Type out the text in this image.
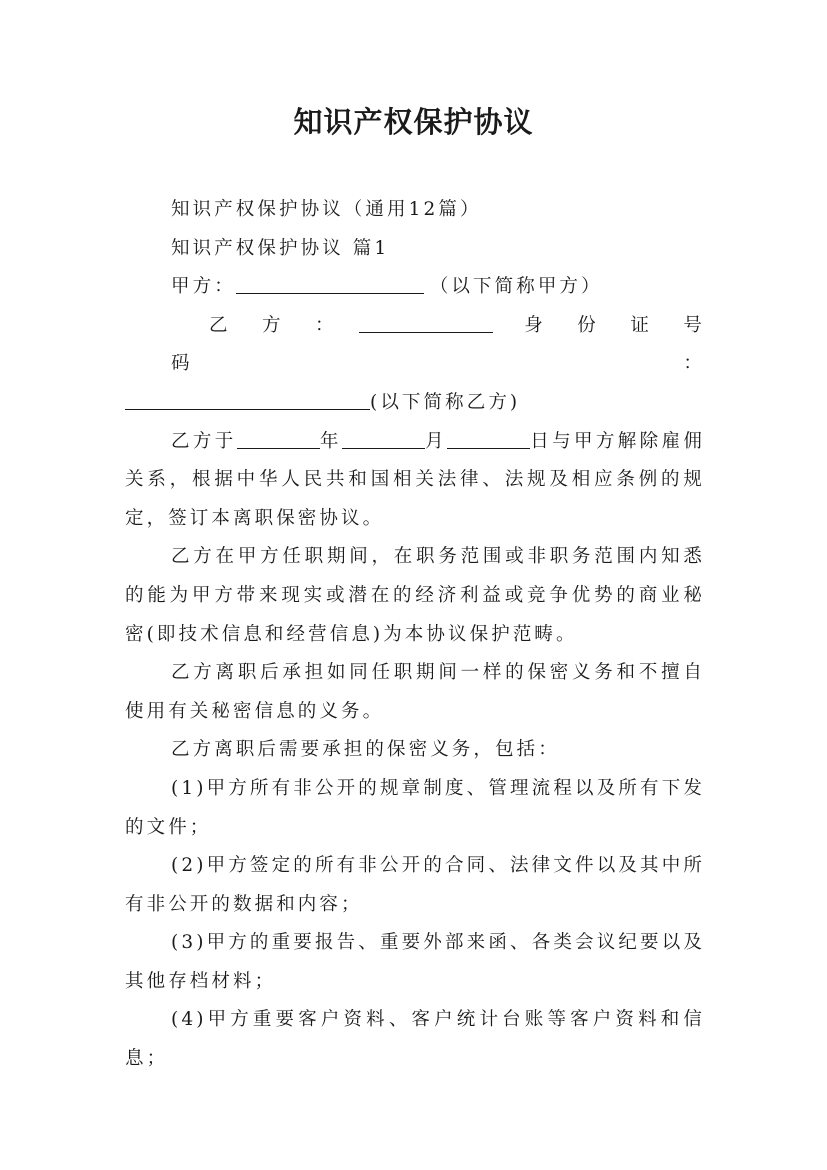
知识产权保护协议

知识产权保护协议（通用12篇）

知识产权保护协议 篇1

甲方：	（以下简称甲方）

乙　方　：　　	身　份　证　号　码　：

(以下简称乙方)

乙方于	年	月	日与甲方解除雇佣关系，根据中华人民共和国相关法律、法规及相应条例的规定，签订本离职保密协议。

乙方在甲方任职期间，在职务范围或非职务范围内知悉的能为甲方带来现实或潜在的经济利益或竞争优势的商业秘密(即技术信息和经营信息)为本协议保护范畴。

乙方离职后承担如同任职期间一样的保密义务和不擅自使用有关秘密信息的义务。

乙方离职后需要承担的保密义务，包括：

(1)甲方所有非公开的规章制度、管理流程以及所有下发的文件；

(2)甲方签定的所有非公开的合同、法律文件以及其中所有非公开的数据和内容；

(3)甲方的重要报告、重要外部来函、各类会议纪要以及其他存档材料；

(4)甲方重要客户资料、客户统计台账等客户资料和信息；
